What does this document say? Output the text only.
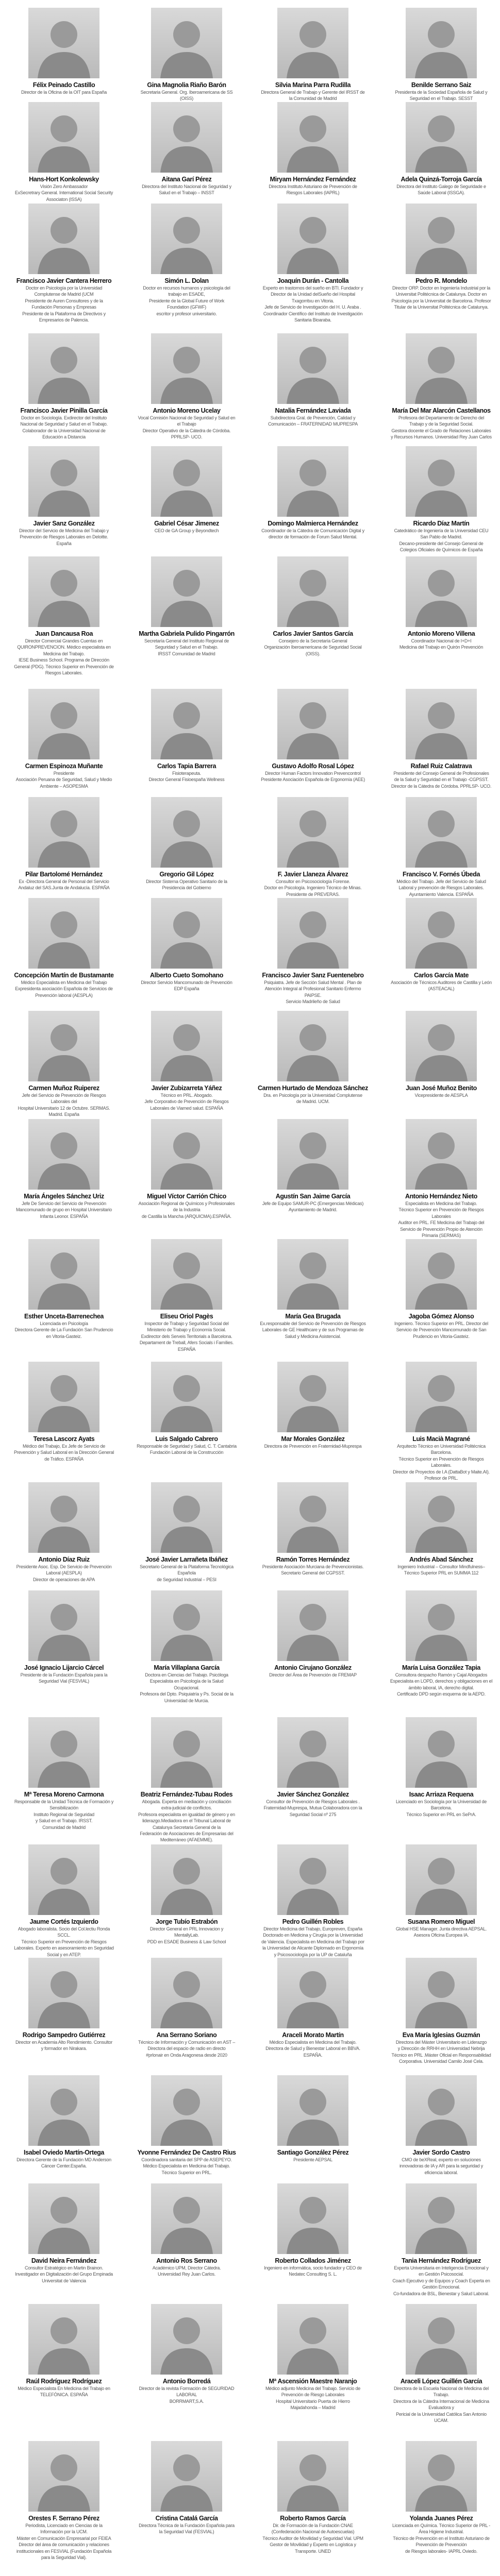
Félix Peinado Castillo
Director de la Oficina de la OIT para España
Gina Magnolia Riaño Barón
Secretaria General. Org. Iberoamericana de SS
(OISS)
Silvia Marina Parra Rudilla
Directora General de Trabajo y Gerente del IRSST de
la Comunidad de Madrid
Benilde Serrano Saiz
Presidenta de la Sociedad Española de Salud y
Seguridad en el Trabajo. SESST
Hans-Hort Konkolewsky
Visión Zero Ambassador
ExSecretrary General. International Social Security
Associaton (ISSA)
Aitana Garí Pérez
Directora del Instituto Nacional de Seguridad y
Salud en el Trabajo – INSST
Miryam Hernández Fernández
Directora Instituto Asturiano de Prevención de
Riesgos Laborales (IAPRL)
Adela Quinzá-Torroja García
Directora del Instituto Galego de Seguridade e
Saúde Laboral (ISSGA).
Francisco Javier Cantera Herrero
Doctor en Psicología por la Universidad
Complutense de Madrid (UCM
Presidente de Auren Consultores y de la
Fundación Personas y Empresas
Presidente de la Plataforma de Directivos y
Empresarios de Palencia.
Simón L. Dolan
Doctor en recursos humanos y psicología del
trabajo en ESADE,
Presidente de la Global Future of Work
Foundation (GFWF)
escritor y profesor universitario.
Joaquín Durán - Cantolla
Experto en trastornos del sueño en BTI. Fundador y
Director de la Unidad delSueño del Hospital
Txagorritxu en Vitoria.
Jefe de Servicio de Investigación del H. U. Araba .
Coordinador Científico del Instituto de Investigación
Sanitaria Bioaraba.
Pedro R. Mondelo
Director ORP. Doctor en Ingeniería Industrial por la
Universitat Politécnica de Catalunya. Doctor en
Psicología por la Universitat de Barcelona. Profesor
Titular de la Universitat Politécnica de Catalunya.
Francisco Javier Pinilla García
Doctor en Sociología. Exdirector del Instituto
Nacional de Seguridad y Salud en el Trabajo.
Colaborador de la Universidad Nacional de
Educación a Distancia
Antonio Moreno Ucelay
Vocal Comisión Nacional de Seguridad y Salud en
el Trabajo
Director Operativo de la Cátedra de Córdoba.
PPRLSP- UCO.
Natalia Fernández Laviada
Subdirectora Gral. de Prevención, Calidad y
Comunicación – FRATERNIDAD MUPRESPA
María Del Mar Alarcón Castellanos
Profesora del Departamento de Derecho del
Trabajo y de la Seguridad Social.
Gestora docente el Grado de Relaciones Laborales
y Recursos Humanos. Universidad Rey Juan Carlos
Javier Sanz González
Director del Servicio de Medicina del Trabajo y
Prevención de Riesgos Laborales en Deloitte.
España
Gabriel César Jimenez
CEO de GA Group y Beyondtech
Domingo Malmierca Hernández
Coordinador de la Cátedra de Comunicación Digital y
director de formación de Forum Salud Mental.
Ricardo Díaz Martín
Catedrático de Ingeniería de la Universidad CEU
San Pablo de Madrid.
Decano-presidente del Consejo General de
Colegios Oficiales de Químicos de España
Juan Dancausa Roa
Director Comercial Grandes Cuentas en
QUIRONPREVENCION. Médico especialista en
Medicina del Trabajo.
IESE Business School. Programa de Dirección
General (PDG). Técnico Superior en Prevención de
Riesgos Laborales.
Martha Gabriela Pulido Pingarrón
Secretaría General del Instituto Regional de
Seguridad y Salud en el Trabajo.
IRSST Comunidad de Madrid
Carlos Javier Santos García
Consejero de la Secretaría General
Organización Iberoamericana de Seguridad Social
(OISS).
Antonio Moreno Villena
Coordinador Nacional de I+D+I
Medicina del Trabajo en Quirón Prevención
Carmen Espinoza Muñante
Presidente
Asociación Peruana de Seguridad, Salud y Medio
Ambiente – ASOPESMA
Carlos Tapia Barrera
Fisioterapeuta.
Director General Fisioespaña Wellness
Gustavo Adolfo Rosal López
Director Human Factors Innovation Prevencontrol
Presidente Asociación Española de Ergonomía (AEE)
Rafael Ruiz Calatrava
Presidente del Consejo General de Profesionales
de la Salud y Seguridad en el Trabajo -CGPSST.
Director de la Cátedra de Córdoba. PPRLSP- UCO.
Pilar Bartolomé Hernández
Ex -Directora General de Personal del Servicio
Andaluz del SAS.Junta de Andalucía. ESPAÑA
Gregorio Gil López
Director Sistema Operativo Sanitario de la
Presidencia del Gobierno
F. Javier Llaneza Álvarez
Consultor en Psicosociología Forense.
Doctor en Psicología. Ingeniero Técnico de Minas.
Presidente de PREVERAS.
Francisco V. Fornés Úbeda
Médico del Trabajo. Jefe del Servicio de Salud
Laboral y prevención de Riesgos Laborales.
Ayuntamiento Valencia. ESPAÑA
Concepción Martín de Bustamante
Médico Especialista en Medicina del Trabajo
Expresidenta asociación Española de Servicios de
Prevención laboral (AESPLA)
Alberto Cueto Somohano
Director Servicio Mancomunado de Prevención
EDP España
Francisco Javier Sanz Fuentenebro
Psiquiatra. Jefe de Sección Salud Mental . Plan de
Atención Integral al Profesional Sanitario Enfermo
PAIPSE.
Servicio Madrileño de Salud
Carlos García Mate
Asociación de Técnicos Auditores de Castilla y León
(ASTEACAL)
Carmen Muñoz Ruiperez
Jefe del Servicio de Prevención de Riesgos
Laborales del
Hospital Universitario 12 de Octubre. SERMAS.
Madrid. España
Javier Zubizarreta Yáñez
Técnico en PRL. Abogado.
Jefe Corporativo de Prevención de Riesgos
Laborales de Viamed salud. ESPAÑA
Carmen Hurtado de Mendoza Sánchez
Dra. en Psicología por la Universidad Complutense
de Madrid. UCM.
Juan José Muñoz Benito
Vicepresidente de AESPLA
María Ángeles Sánchez Uriz
Jefe De Servicio del Servicio de Prevención
Mancomunado de grupo en Hospital Universitario
Infanta Leonor. ESPAÑA
Miguel Víctor Carrión Chico
Asociación Regional de Químicos y Profesionales
de la Industria
de Castilla la Mancha (ARQUICMA).ESPAÑA.
Agustín San Jaime García
Jefe de Equipo SAMUR-PC (Emergencias Médicas)
Ayuntamiento de Madrid.
Antonio Hernández Nieto
Especialista en Medicina del Trabajo.
Técnico Superior en Prevención de Riesgos
Laborales
Auditor en PRL. FE Medicina del Trabajo del
Servicio de Prevención Propio de Atención
Primaria (SERMAS)
Esther Unceta-Barrenechea
Licenciada en Psicología
Directora Gerente de La Fundación San Prudencio
en Vitoria-Gasteiz.
Eliseu Oriol Pagès
Inspector de Trabajo y Seguridad Social del
Ministerio de Trabajo y Economía Social.
Exdirector dels Serveis Territorials a Barcelona.
Departament de Treball, Afers Socials i Famílies.
ESPAÑA
María Gea Brugada
Ex.responsable del Servicio de Prevención de Riesgos
Laborales de GE Healthcare y de sus Programas de
Salud y Medicina Asistencial.
Jagoba Gómez Alonso
Ingeniero. Técnico Superior en PRL. Director del
Servicio de Prevención Mancomunado de San
Prudencio en Vitoria-Gasteiz.
Teresa Lascorz Ayats
Médico del Trabajo, Ex Jefe de Servicio de
Prevención y Salud Laboral en la Dirección General
de Tráfico. ESPAÑA
Luis Salgado Cabrero
Responsable de Seguridad y Salud, C. T. Cantabria
Fundación Laboral de la Construcción
Mar Morales González
Directora de Prevención en Fraternidad-Muprespa
Luis Macià Magrané
Arquitecto Técnico en Universidad Politécnica
Barcelona.
Técnico Superior en Prevención de Riesgos
Laborales.
Director de Proyectos de I.A (DattaBot y Maite.AI).
Profesor de PRL.
Antonio Díaz Ruiz
Presidente Asoc. Esp. De Servicio de Prevención
Laboral (AESPLA)
Director de operaciones de APA
José Javier Larrañeta Ibáñez
Secretario General de la Plataforma Tecnológica
Española
de Seguridad Industrial – PESI
Ramón Torres Hernández
Presidente Asociación Murciana de Prevencionistas.
Secretario General del CGPSST.
Andrés Abad Sánchez
Ingeniero Industrial – Consultor Mindfulness–
Técnico Superior PRL en SUMMA 112
José Ignacio Lijarcio Cárcel
Presidente de la Fundación Española para la
Seguridad Vial (FESVIAL)
María Villaplana García
Doctora en Ciencias del Trabajo. Psicóloga
Especialista en Psicología de la Salud
Ocupacional.
Profesora del Dpto. Psiquiatría y Ps. Social de la
Universidad de Murcia.
Antonio Cirujano González
Director del Área de Prevención de FREMAP
María Luisa González Tapia
Consultora despacho Ramón y Cajal Abogados
Especialista en LOPD, derechos y obligaciones en el
ámbito laboral, IA, derecho digital.
Certificado DPD según esquema de la AEPD.
Mª Teresa Moreno Carmona
Responsable de la Unidad Técnica de Formación y
Sensibilización
Instituto Regional de Seguridad
y Salud en el Trabajo. IRSST.
Comunidad de Madrid
Beatriz Fernández-Tubau Rodes
Abogada. Experta en mediación y conciliación
extra-judicial de conflictos.
Profesora especialista en igualdad de género y en
liderazgo.Mediadora en el Tribunal Laboral de
Catalunya Secretaria General de la
Federación de Asociaciones de Empresarias del
Mediterráneo (AFAEMME).
Javier Sánchez González
Consultor de Prevención de Riesgos Laborales .
Fraternidad-Muprespa, Mutua Colaboradora con la
Seguridad Social nº 275
Isaac Arriaza Requena
Licenciado en Sociología por la Universidad de
Barcelona.
Técnico Superior en PRL en SePrA.
Jaume Cortés Izquierdo
Abogado laboralista. Socio del Col.lectiu Ronda
SCCL.
Técnico Superior en Prevención de Riesgos
Laborales. Experto en asesoramiento en Seguridad
Social y en ATEP.
Jorge Tubío Estrabón
Director General en PRL Innovacion y
MentallyLab.
PDD en ESADE Business & Law School
Pedro Guillén Robles
Director Medicina del Trabajo, Europreven, España
Doctorado en Medicina y Cirugía por la Universidad
de Valencia. Especialista en Medicina del Trabajo por
la Universidad de Alicante Diplomado en Ergonomía
y Psicosociología por la UP de Cataluña
Susana Romero Miguel
Global HSE Manager. Junta directiva AEPSAL.
Asesora Oficina Europea IA.
Rodrigo Sampedro Gutiérrez
Director en Academia Alto Rendimiento. Consultor
y formador en Nirakara.
Ana Serrano Soriano
Técnico de Información y Comunicación en AST –
Directora del espacio de radio en directo
#prlonair en Onda Aragonesa desde 2020
Araceli Morato Martín
Médico Especialista en Medicina del Trabajo.
Directora de Salud y Bienestar Laboral en BBVA.
ESPAÑA.
Eva María Iglesias Guzmán
Directora del Máster Universitario en Liderazgo
y Dirección de RRHH en Universidad Nebrija
Técnico en PRL .Máster Oficial en Responsabilidad
Corporativa. Universidad Camilo José Cela.
Isabel Oviedo Martín-Ortega
Directora Gerente de la Fundación MD Anderson
Cáncer Center.España.
Yvonne Fernández De Castro Rius
Coordinadora sanitaria del SPP de ASEPEYO.
Médico Especialista en Medicina del Trabajo.
Técnico Superior en PRL.
Santiago González Pérez
Presidente AEPSAL
Javier Sordo Castro
CMO de beXReal, experto en soluciones
innovadoras de IA y AR para la seguridad y
eficiencia laboral.
David Neira Fernández
Consultor Estratégico en Martin Brainon.
Investigador en Digitalización del Grupo Empinada
Universitat de Valencia
Antonio Ros Serrano
Académico UPM, Director Cátedra.
Universidad Rey Juan Carlos.
Roberto Collados Jiménez
Ingeniero en informática, socio fundador y CEO de
Nedatec Consulting S. L.
Tania Hernández Rodríguez
Experta Universitaria en Inteligencia Emocional y
en Gestión Psicosocial.
Coach Ejecutivo y de Equipos y Coach Experta en
Gestión Emocional.
Co-fundadora de BSL, Bienestar y Salud Laboral.
Raúl Rodríguez Rodríguez
Médico Especialista En Medicina del Trabajo en
TELEFÓNICA. ESPAÑA
Antonio Borredá
Director de la revista Formación de SEGURIDAD
LABORAL
BORRMART,S.A.
Mª Ascensión Maestre Naranjo
Médico adjunto Medicina del Trabajo. Servicio de
Prevención de Riesgo Laborales
Hospital Universitario Puerta de Hierro
Majadahonda – Madrid
Araceli López Guillén García
Directora de la Escuela Nacional de Medicina del
Trabajo.
Directora de la Cátedra Internacional de Medicina
Evaluadora y
Pericial de la Universidad Católica San Antonio
UCAM.
Orestes F. Serrano Pérez
Periodista, Licenciado en Ciencias de la
Información por la UCM.
Máster en Comunicación Empresarial por FEIEA
Director del área de comunicación y relaciones
institucionales en FESVIAL (Fundación Española
para la Seguridad Vial).
Cristina Catalá García
Directora Técnica de la Fundación Española para
la Seguridad Vial (FESVIAL)
Roberto Ramos García
Dir. de Formación de la Fundación CNAE
(Confederación Nacional de Autoescuelas)
Técnico Auditor de Movilidad y Seguridad Vial. UPM
Gestor de Movilidad y Experto en Logística y
Transporte. UNED
Yolanda Juanes Pérez
Licenciada en Química. Técnico Superior de PRL -
Área Higiene Industrial.
Técnico de Prevención en el Instituto Asturiano de
Prevención de Prevención
de Riesgos laborales- IAPRL Oviedo.
